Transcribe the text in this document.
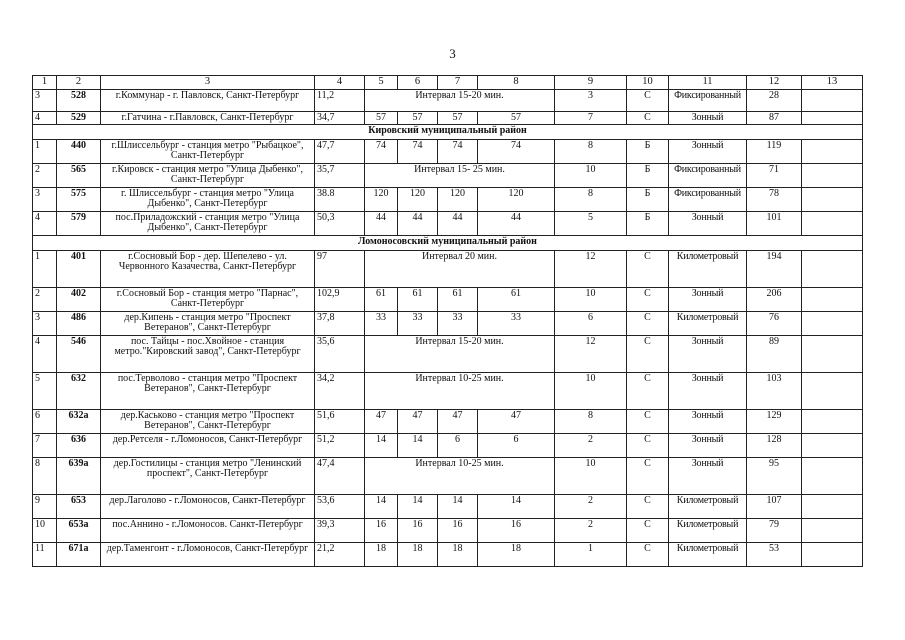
3
1	2	3	4	5	6	7	8	9	10	11	12	13
3	528	г.Коммунар - г. Павловск, Санкт-Петербург	11,2	Интервал 15-20 мин.				3	С	Фиксированный	28	
4	529	г.Гатчина - г.Павловск, Санкт-Петербург	34,7	57	57	57	57	7	С	Зонный	87	
Кировский муниципальный район												
1	440	г.Шлиссельбург - станция метро "Рыбацкое", Санкт-Петербург	47,7	74	74	74	74	8	Б	Зонный	119	
2	565	г.Кировск - станция метро "Улица Дыбенко", Санкт-Петербург	35,7	Интервал 15- 25 мин.				10	Б	Фиксированный	71	
3	575	г. Шлиссельбург - станция метро "Улица Дыбенко", Санкт-Петербург	38.8	120	120	120	120	8	Б	Фиксированный	78	
4	579	пос.Приладожский - станция метро "Улица Дыбенко", Санкт-Петербург	50,3	44	44	44	44	5	Б	Зонный	101	
Ломоносовский муниципальный район												
1	401	г.Сосновый Бор - дер. Шепелево - ул. Червонного Казачества, Санкт-Петербург	97	Интервал 20 мин.				12	С	Километровый	194	
2	402	г.Сосновый Бор - станция метро "Парнас", Санкт-Петербург	102,9	61	61	61	61	10	С	Зонный	206	
3	486	дер.Кипень - станция метро "Проспект Ветеранов", Санкт-Петербург	37,8	33	33	33	33	6	С	Километровый	76	
4	546	пос. Тайцы - пос.Хвойное - станция метро."Кировский завод", Санкт-Петербург	35,6	Интервал 15-20 мин.				12	С	Зонный	89	
5	632	пос.Терволово - станция метро "Проспект Ветеранов", Санкт-Петербург	34,2	Интервал 10-25 мин.				10	С	Зонный	103	
6	632а	дер.Каськово - станция метро "Проспект Ветеранов", Санкт-Петербург	51,6	47	47	47	47	8	С	Зонный	129	
7	636	дер.Ретселя - г.Ломоносов, Санкт-Петербург	51,2	14	14	6	6	2	С	Зонный	128	
8	639а	дер.Гостилицы - станция метро "Ленинский проспект", Санкт-Петербург	47,4	Интервал 10-25 мин.				10	С	Зонный	95	
9	653	дер.Лаголово - г.Ломоносов, Санкт-Петербург	53,6	14	14	14	14	2	С	Километровый	107	
10	653а	пос.Аннино - г.Ломоносов. Санкт-Петербург	39,3	16	16	16	16	2	С	Километровый	79	
11	671а	дер.Таменгонт - г.Ломоносов, Санкт-Петербург	21,2	18	18	18	18	1	С	Километровый	53	
